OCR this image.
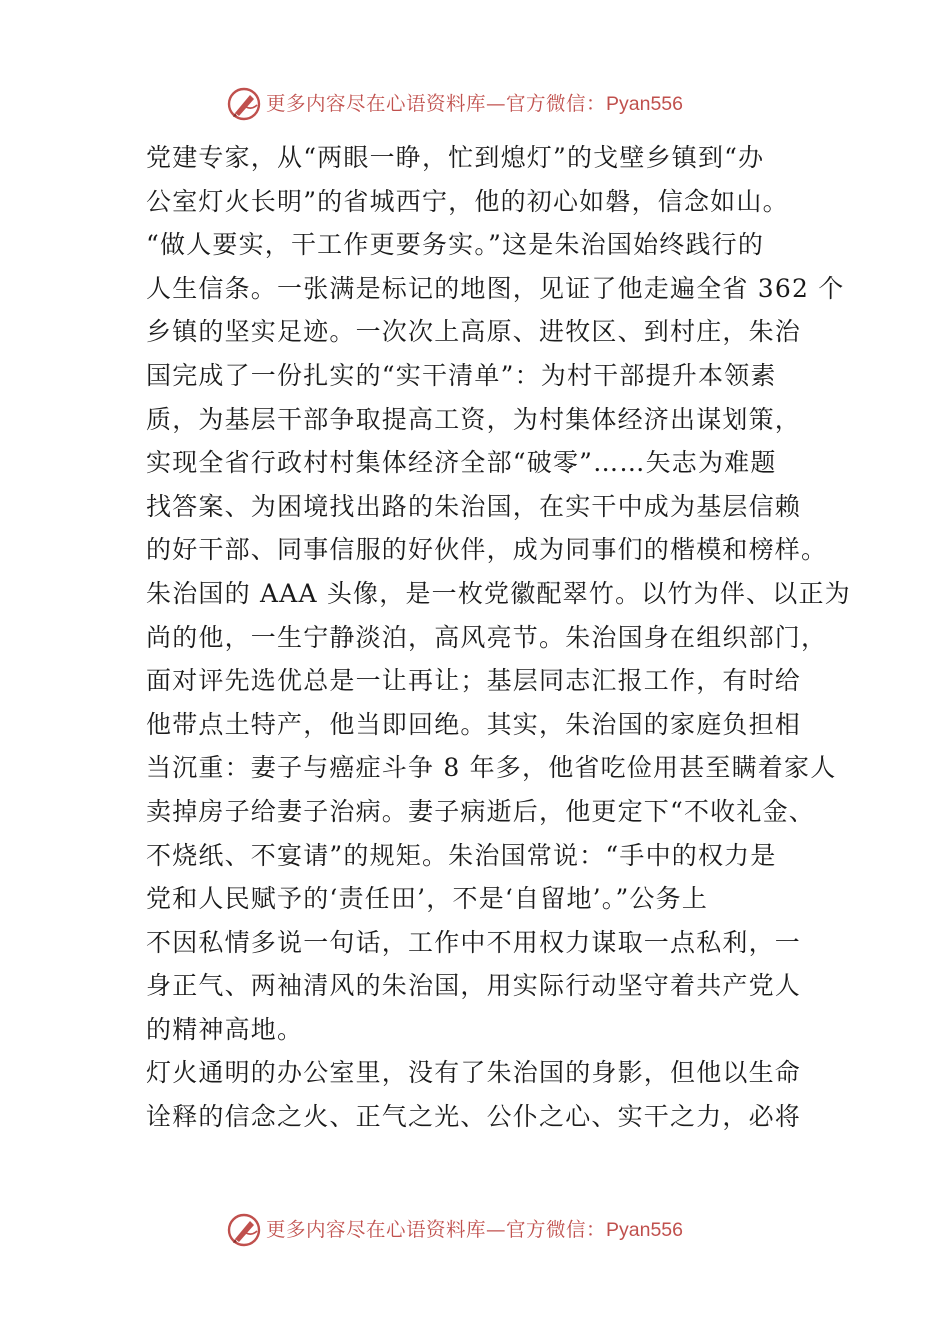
更多内容尽在心语资料库—官方微信：Pyan556
党建专家，从“两眼一睁，忙到熄灯”的戈壁乡镇到“办
公室灯火长明”的省城西宁，他的初心如磐，信念如山。
“做人要实，干工作更要务实。”这是朱治国始终践行的
人生信条。一张满是标记的地图，见证了他走遍全省 362 个
乡镇的坚实足迹。一次次上高原、进牧区、到村庄，朱治
国完成了一份扎实的“实干清单”：为村干部提升本领素
质，为基层干部争取提高工资，为村集体经济出谋划策，
实现全省行政村村集体经济全部“破零”……矢志为难题
找答案、为困境找出路的朱治国，在实干中成为基层信赖
的好干部、同事信服的好伙伴，成为同事们的楷模和榜样。
朱治国的 AAA 头像，是一枚党徽配翠竹。以竹为伴、以正为
尚的他，一生宁静淡泊，高风亮节。朱治国身在组织部门，
面对评先选优总是一让再让；基层同志汇报工作，有时给
他带点土特产，他当即回绝。其实，朱治国的家庭负担相
当沉重：妻子与癌症斗争 8 年多，他省吃俭用甚至瞒着家人
卖掉房子给妻子治病。妻子病逝后，他更定下“不收礼金、
不烧纸、不宴请”的规矩。朱治国常说：“手中的权力是
党和人民赋予的‘责任田’，不是‘自留地’。”公务上
不因私情多说一句话，工作中不用权力谋取一点私利，一
身正气、两袖清风的朱治国，用实际行动坚守着共产党人
的精神高地。
灯火通明的办公室里，没有了朱治国的身影，但他以生命
诠释的信念之火、正气之光、公仆之心、实干之力，必将
更多内容尽在心语资料库—官方微信：Pyan556
